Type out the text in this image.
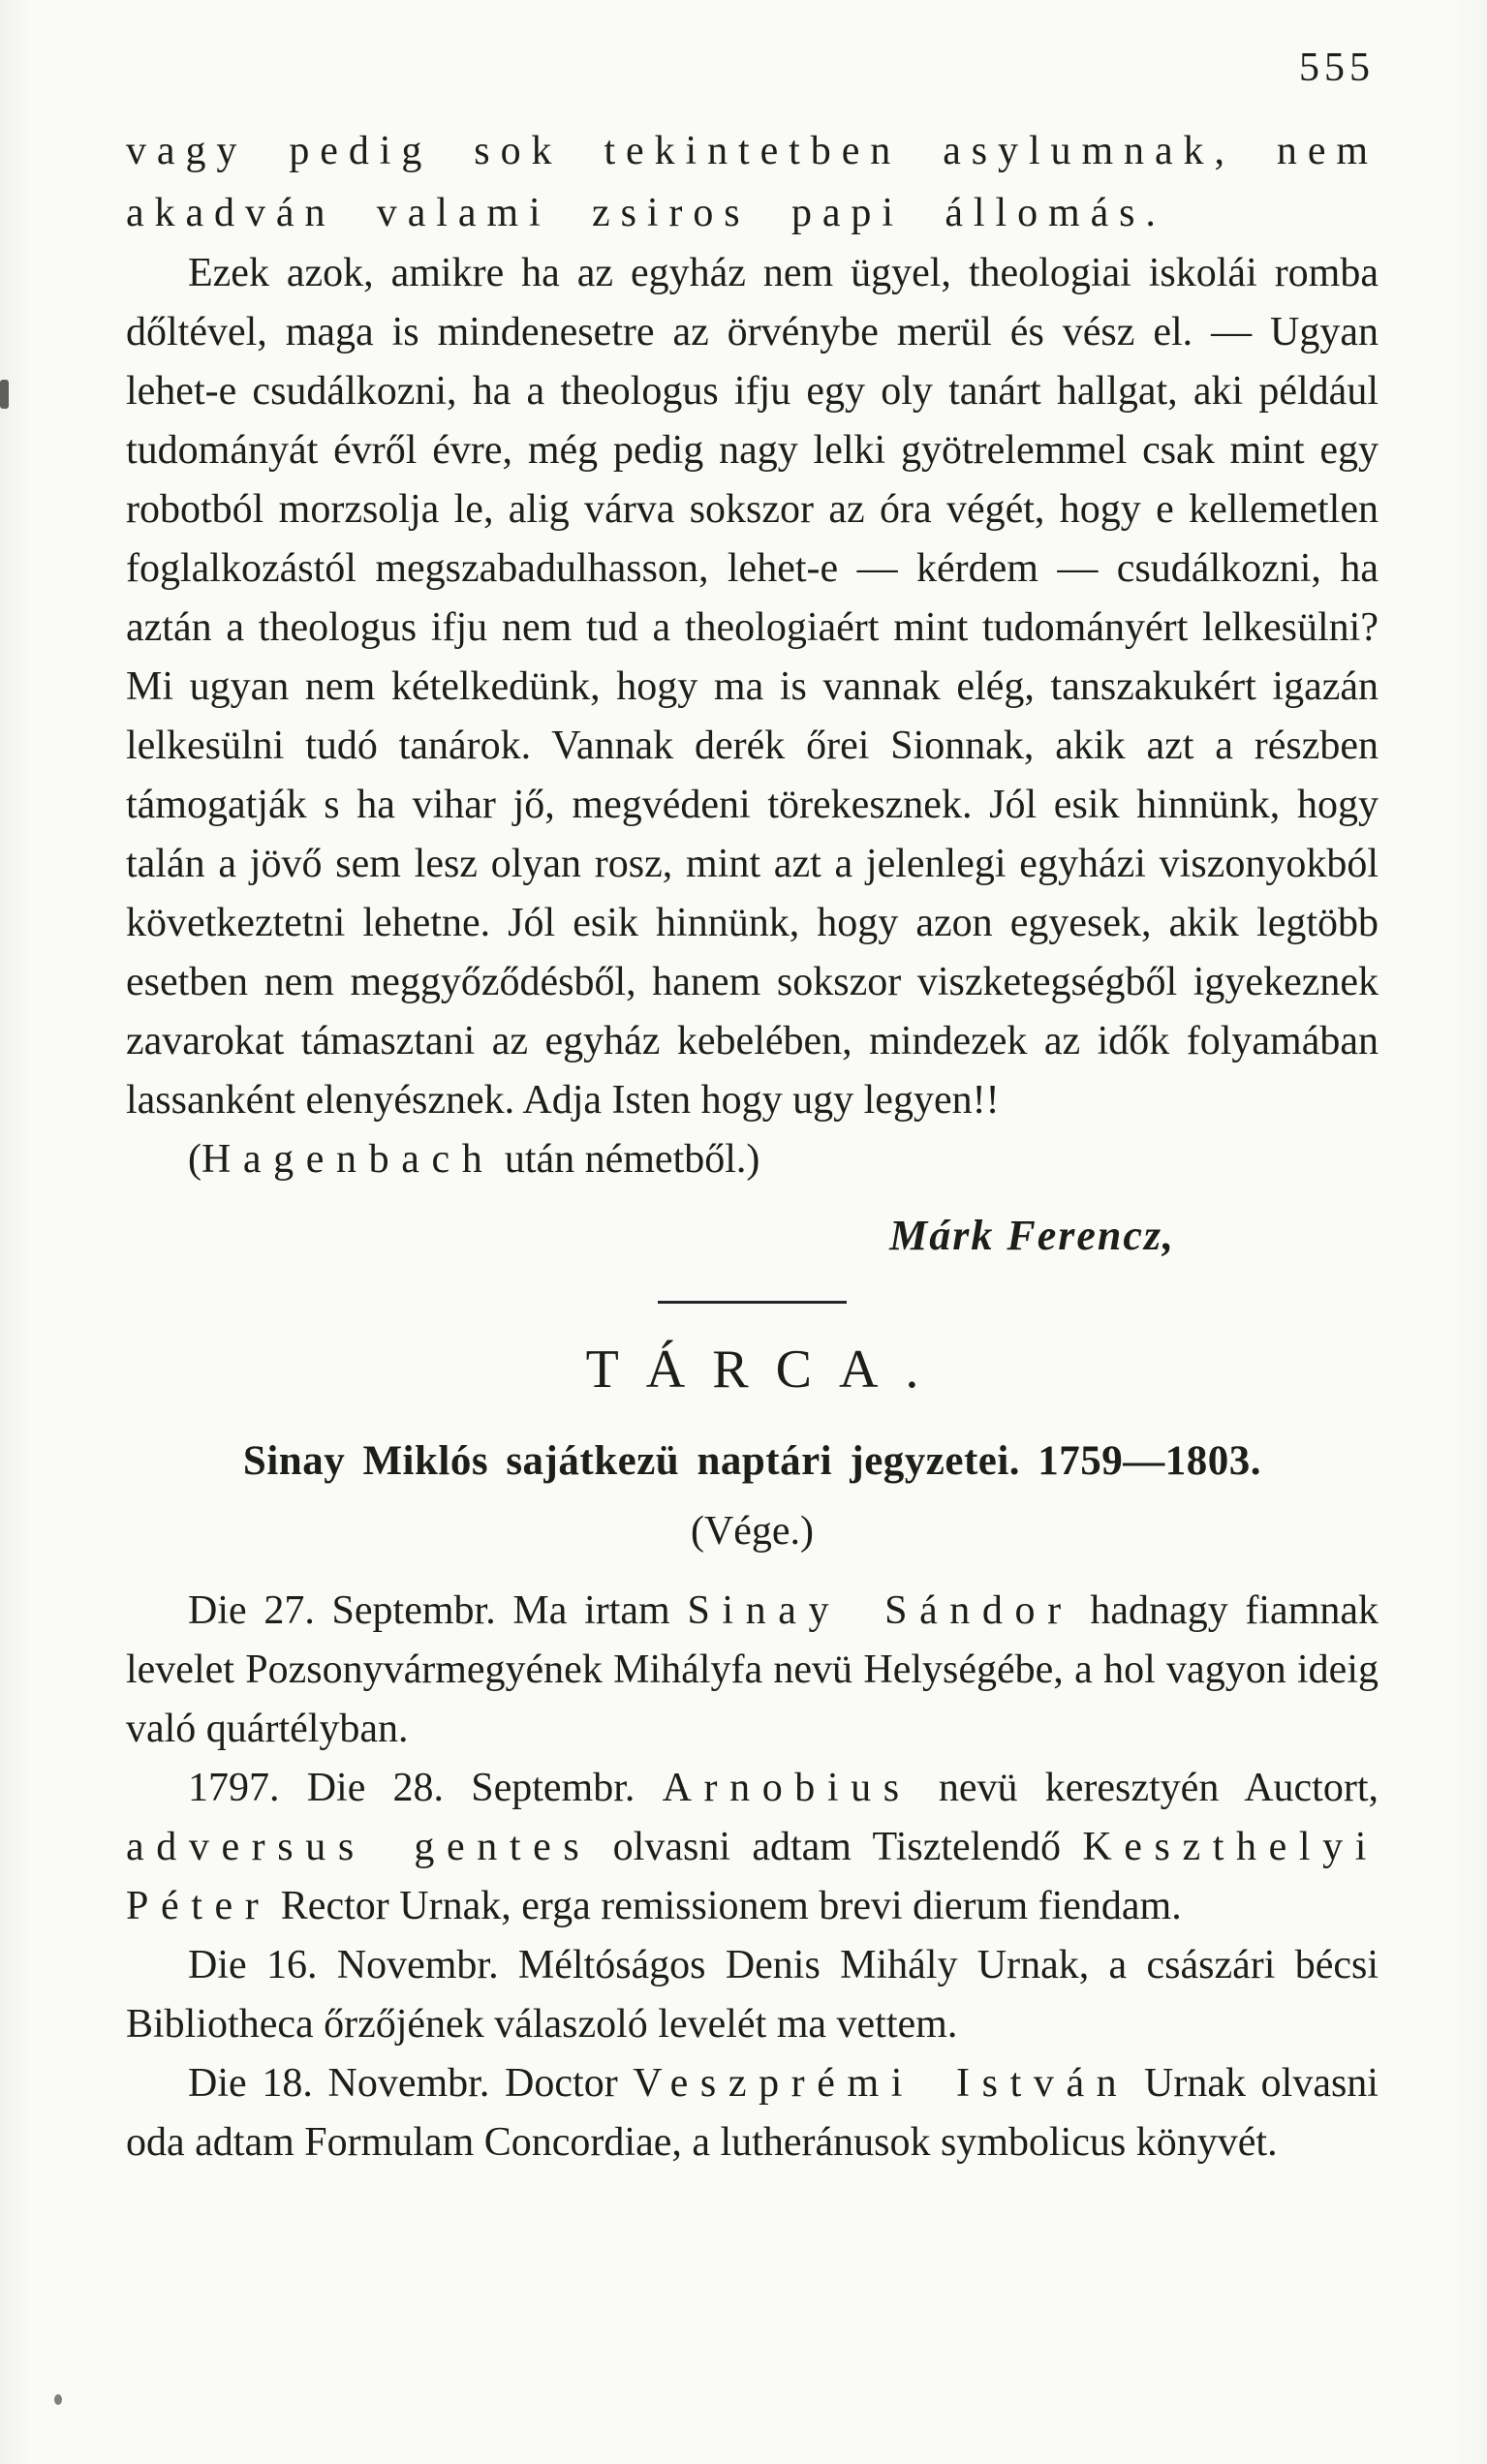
555

vagy pedig sok tekintetben asylumnak, nem akadván valami zsiros papi állomás.

Ezek azok, amikre ha az egyház nem ügyel, theologiai iskolái romba dőltével, maga is mindenesetre az örvénybe merül és vész el. — Ugyan lehet-e csudálkozni, ha a theologus ifju egy oly tanárt hallgat, aki például tudományát évről évre, még pedig nagy lelki gyötrelemmel csak mint egy robotból morzsolja le, alig várva sokszor az óra végét, hogy e kellemetlen foglalkozástól megszabadulhasson, lehet-e — kérdem — csudálkozni, ha aztán a theologus ifju nem tud a theologiaért mint tudományért lelkesülni? Mi ugyan nem kételkedünk, hogy ma is vannak elég, tanszakukért igazán lelkesülni tudó tanárok. Vannak derék őrei Sionnak, akik azt a részben támogatják s ha vihar jő, megvédeni törekesznek. Jól esik hinnünk, hogy talán a jövő sem lesz olyan rosz, mint azt a jelenlegi egyházi viszonyokból következtetni lehetne. Jól esik hinnünk, hogy azon egyesek, akik legtöbb esetben nem meggyőződésből, hanem sokszor viszketegségből igyekeznek zavarokat támasztani az egyház kebelében, mindezek az idők folyamában lassanként elenyésznek. Adja Isten hogy ugy legyen!!

(Hagenbach után németből.)

Márk Ferencz,

TÁRCA.
Sinay Miklós sajátkezü naptári jegyzetei. 1759—1803.
(Vége.)

Die 27. Septembr. Ma irtam Sinay Sándor hadnagy fiamnak levelet Pozsonyvármegyének Mihályfa nevü Helységébe, a hol vagyon ideig való quártélyban.

1797. Die 28. Septembr. Arnobius nevü keresztyén Auctort, adversus gentes olvasni adtam Tisztelendő Keszthelyi Péter Rector Urnak, erga remissionem brevi dierum fiendam.

Die 16. Novembr. Méltóságos Denis Mihály Urnak, a császári bécsi Bibliotheca őrzőjének válaszoló levelét ma vettem.

Die 18. Novembr. Doctor Veszprémi István Urnak olvasni oda adtam Formulam Concordiae, a lutheránusok symbolicus könyvét.
